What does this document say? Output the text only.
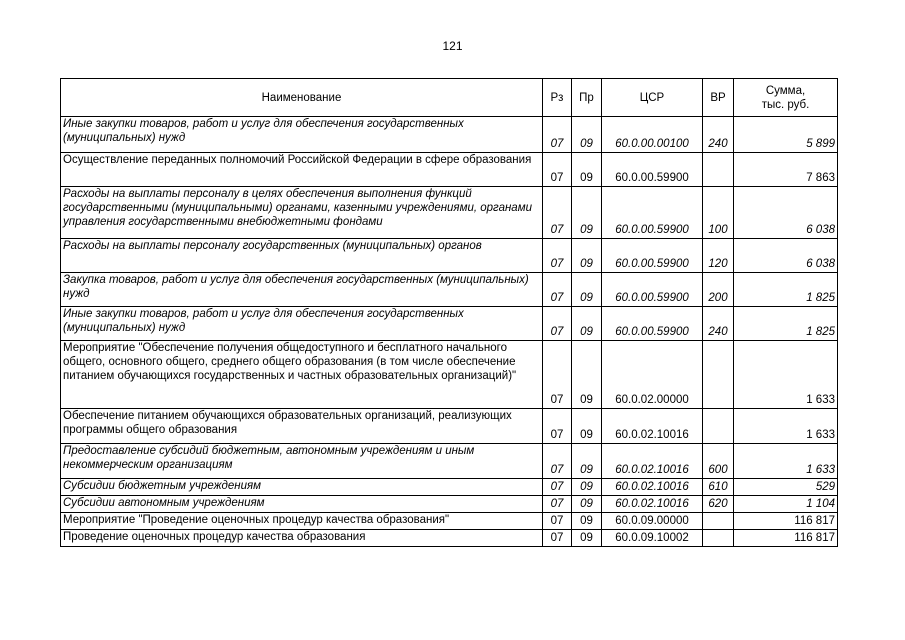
121
Наименование	Рз	Пр	ЦСР	ВР	Сумма,
тыс. руб.

Иные закупки товаров, работ и услуг для обеспечения государственных (муниципальных) нужд	07	09	60.0.00.00100	240	5 899
Осуществление переданных полномочий Российской Федерации в сфере образования	07	09	60.0.00.59900		7 863
Расходы на выплаты персоналу в целях обеспечения выполнения функций государственными (муниципальными) органами, казенными учреждениями, органами управления государственными внебюджетными фондами	07	09	60.0.00.59900	100	6 038
Расходы на выплаты персоналу государственных (муниципальных) органов	07	09	60.0.00.59900	120	6 038
Закупка товаров, работ и услуг для обеспечения государственных (муниципальных) нужд	07	09	60.0.00.59900	200	1 825
Иные закупки товаров, работ и услуг для обеспечения государственных (муниципальных) нужд	07	09	60.0.00.59900	240	1 825
Мероприятие "Обеспечение получения общедоступного и бесплатного начального общего, основного общего, среднего общего образования (в том числе обеспечение питанием обучающихся государственных и частных образовательных организаций)"	07	09	60.0.02.00000		1 633
Обеспечение питанием обучающихся образовательных организаций, реализующих программы общего образования	07	09	60.0.02.10016		1 633
Предоставление субсидий бюджетным, автономным учреждениям и иным некоммерческим организациям	07	09	60.0.02.10016	600	1 633
Субсидии бюджетным учреждениям	07	09	60.0.02.10016	610	529
Субсидии автономным учреждениям	07	09	60.0.02.10016	620	1 104
Мероприятие "Проведение оценочных процедур качества образования"	07	09	60.0.09.00000		116 817
Проведение оценочных процедур качества образования	07	09	60.0.09.10002		116 817
